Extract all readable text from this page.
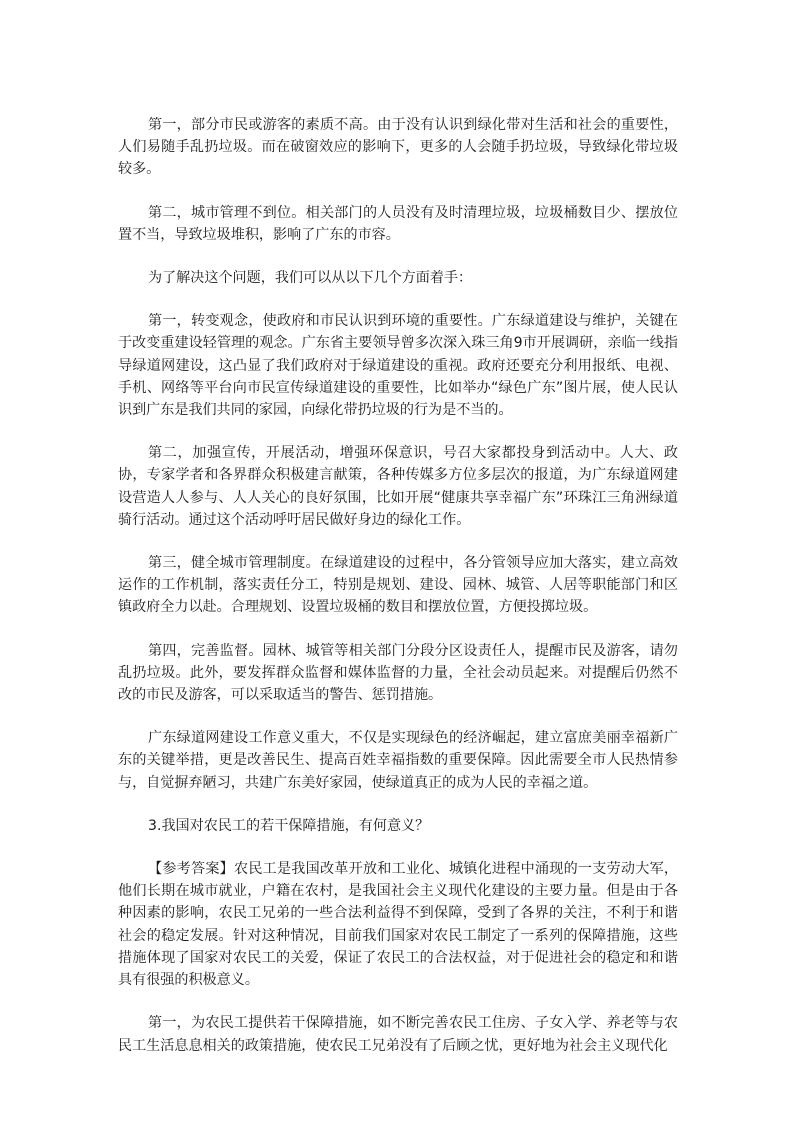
第一，部分市民或游客的素质不高。由于没有认识到绿化带对生活和社会的重要性，人们易随手乱扔垃圾。而在破窗效应的影响下，更多的人会随手扔垃圾，导致绿化带垃圾较多。

第二，城市管理不到位。相关部门的人员没有及时清理垃圾，垃圾桶数目少、摆放位置不当，导致垃圾堆积，影响了广东的市容。

为了解决这个问题，我们可以从以下几个方面着手：

第一，转变观念，使政府和市民认识到环境的重要性。广东绿道建设与维护，关键在于改变重建设轻管理的观念。广东省主要领导曾多次深入珠三角9市开展调研，亲临一线指导绿道网建设，这凸显了我们政府对于绿道建设的重视。政府还要充分利用报纸、电视、手机、网络等平台向市民宣传绿道建设的重要性，比如举办“绿色广东”图片展，使人民认识到广东是我们共同的家园，向绿化带扔垃圾的行为是不当的。

第二，加强宣传，开展活动，增强环保意识，号召大家都投身到活动中。人大、政协，专家学者和各界群众积极建言献策，各种传媒多方位多层次的报道，为广东绿道网建设营造人人参与、人人关心的良好氛围，比如开展“健康共享幸福广东”环珠江三角洲绿道骑行活动。通过这个活动呼吁居民做好身边的绿化工作。

第三，健全城市管理制度。在绿道建设的过程中，各分管领导应加大落实，建立高效运作的工作机制，落实责任分工，特别是规划、建设、园林、城管、人居等职能部门和区镇政府全力以赴。合理规划、设置垃圾桶的数目和摆放位置，方便投掷垃圾。

第四，完善监督。园林、城管等相关部门分段分区设责任人，提醒市民及游客，请勿乱扔垃圾。此外，要发挥群众监督和媒体监督的力量，全社会动员起来。对提醒后仍然不改的市民及游客，可以采取适当的警告、惩罚措施。

广东绿道网建设工作意义重大，不仅是实现绿色的经济崛起，建立富庶美丽幸福新广东的关键举措，更是改善民生、提高百姓幸福指数的重要保障。因此需要全市人民热情参与，自觉摒弃陋习，共建广东美好家园，使绿道真正的成为人民的幸福之道。

3.我国对农民工的若干保障措施，有何意义？

【参考答案】农民工是我国改革开放和工业化、城镇化进程中涌现的一支劳动大军，他们长期在城市就业，户籍在农村，是我国社会主义现代化建设的主要力量。但是由于各种因素的影响，农民工兄弟的一些合法利益得不到保障，受到了各界的关注，不利于和谐社会的稳定发展。针对这种情况，目前我们国家对农民工制定了一系列的保障措施，这些措施体现了国家对农民工的关爱，保证了农民工的合法权益，对于促进社会的稳定和和谐具有很强的积极意义。

第一，为农民工提供若干保障措施，如不断完善农民工住房、子女入学、养老等与农民工生活息息相关的政策措施，使农民工兄弟没有了后顾之忧，更好地为社会主义现代化
